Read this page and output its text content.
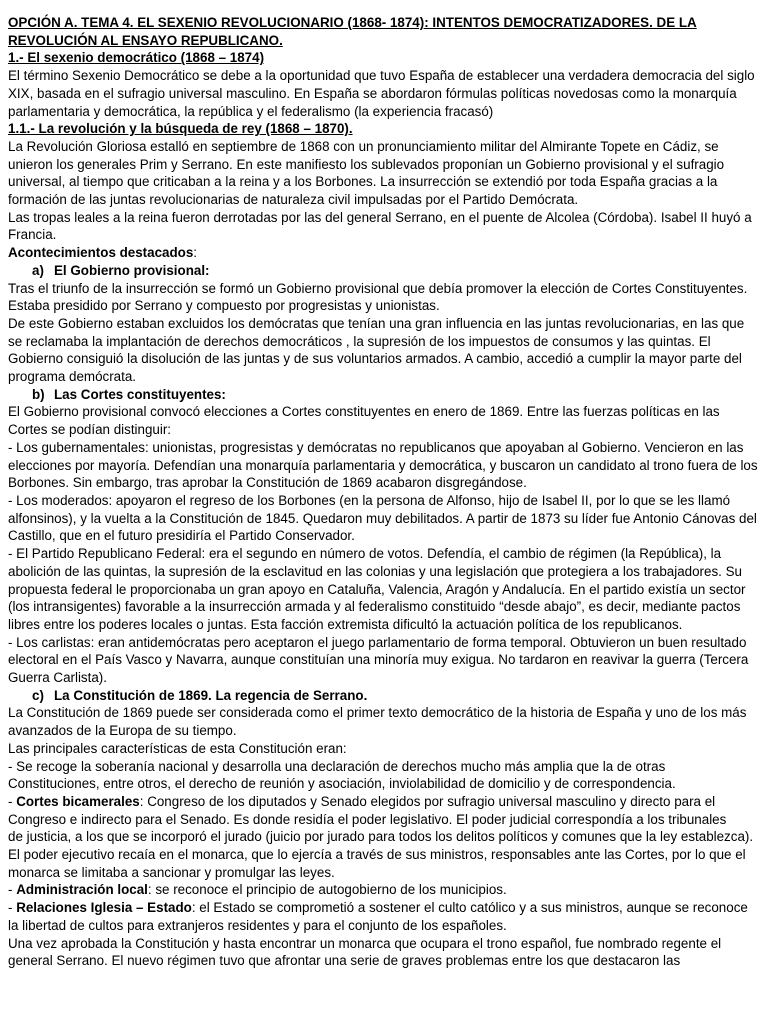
OPCIÓN A. TEMA 4. EL SEXENIO REVOLUCIONARIO (1868- 1874): INTENTOS DEMOCRATIZADORES. DE LA REVOLUCIÓN AL ENSAYO REPUBLICANO.

1.- El sexenio democrático (1868 – 1874)

El término Sexenio Democrático se debe a la oportunidad que tuvo España de establecer una verdadera democracia del siglo XIX, basada en el sufragio universal masculino. En España se abordaron fórmulas políticas novedosas como la monarquía parlamentaria y democrática, la república y el federalismo (la experiencia fracasó)

1.1.- La revolución y la búsqueda de rey (1868 – 1870).

La Revolución Gloriosa estalló en septiembre de 1868 con un pronunciamiento militar del Almirante Topete en Cádiz, se unieron los generales Prim y Serrano. En este manifiesto los sublevados proponían un Gobierno provisional y el sufragio universal, al tiempo que criticaban a la reina y a los Borbones. La insurrección se extendió por toda España gracias a la formación de las juntas revolucionarias de naturaleza civil impulsadas por el Partido Demócrata.

Las tropas leales a la reina fueron derrotadas por las del general Serrano, en el puente de Alcolea (Córdoba). Isabel II huyó a Francia.

Acontecimientos destacados:

a) El Gobierno provisional:

Tras el triunfo de la insurrección se formó un Gobierno provisional que debía promover la elección de Cortes Constituyentes. Estaba presidido por Serrano y compuesto por progresistas y unionistas.

De este Gobierno estaban excluidos los demócratas que tenían una gran influencia en las juntas revolucionarias, en las que se reclamaba la implantación de derechos democráticos , la supresión de los impuestos de consumos y las quintas. El Gobierno consiguió la disolución de las juntas y de sus voluntarios armados. A cambio, accedió a cumplir la mayor parte del programa demócrata.

b) Las Cortes constituyentes:

El Gobierno provisional convocó elecciones a Cortes constituyentes en enero de 1869. Entre las fuerzas políticas en las Cortes se podían distinguir:

- Los gubernamentales: unionistas, progresistas y demócratas no republicanos que apoyaban al Gobierno. Vencieron en las elecciones por mayoría. Defendían una monarquía parlamentaria y democrática, y buscaron un candidato al trono fuera de los Borbones. Sin embargo, tras aprobar la Constitución de 1869 acabaron disgregándose.

- Los moderados: apoyaron el regreso de los Borbones (en la persona de Alfonso, hijo de Isabel II, por lo que se les llamó alfonsinos), y la vuelta a la Constitución de 1845. Quedaron muy debilitados. A partir de 1873 su líder fue Antonio Cánovas del Castillo, que en el futuro presidiría el Partido Conservador.

- El Partido Republicano Federal: era el segundo en número de votos. Defendía, el cambio de régimen (la República), la abolición de las quintas, la supresión de la esclavitud en las colonias y una legislación que protegiera a los trabajadores. Su propuesta federal le proporcionaba un gran apoyo en Cataluña, Valencia, Aragón y Andalucía. En el partido existía un sector (los intransigentes) favorable a la insurrección armada y al federalismo constituido “desde abajo”, es decir, mediante pactos libres entre los poderes locales o juntas. Esta facción extremista dificultó la actuación política de los republicanos.

- Los carlistas: eran antidemócratas pero aceptaron el juego parlamentario de forma temporal. Obtuvieron un buen resultado electoral en el País Vasco y Navarra, aunque constituían una minoría muy exigua. No tardaron en reavivar la guerra (Tercera Guerra Carlista).

c) La Constitución de 1869. La regencia de Serrano.

La Constitución de 1869 puede ser considerada como el primer texto democrático de la historia de España y uno de los más avanzados de la Europa de su tiempo.

Las principales características de esta Constitución eran:

- Se recoge la soberanía nacional y desarrolla una declaración de derechos mucho más amplia que la de otras Constituciones, entre otros, el derecho de reunión y asociación, inviolabilidad de domicilio y de correspondencia.

- Cortes bicamerales: Congreso de los diputados y Senado elegidos por sufragio universal masculino y directo para el Congreso e indirecto para el Senado. Es donde residía el poder legislativo. El poder judicial correspondía a los tribunales

de justicia, a los que se incorporó el jurado (juicio por jurado para todos los delitos políticos y comunes que la ley establezca). El poder ejecutivo recaía en el monarca, que lo ejercía a través de sus ministros, responsables ante las Cortes, por lo que el monarca se limitaba a sancionar y promulgar las leyes.

- Administración local: se reconoce el principio de autogobierno de los municipios.

- Relaciones Iglesia – Estado: el Estado se comprometió a sostener el culto católico y a sus ministros, aunque se reconoce la libertad de cultos para extranjeros residentes y para el conjunto de los españoles.

Una vez aprobada la Constitución y hasta encontrar un monarca que ocupara el trono español, fue nombrado regente el general Serrano. El nuevo régimen tuvo que afrontar una serie de graves problemas entre los que destacaron las
